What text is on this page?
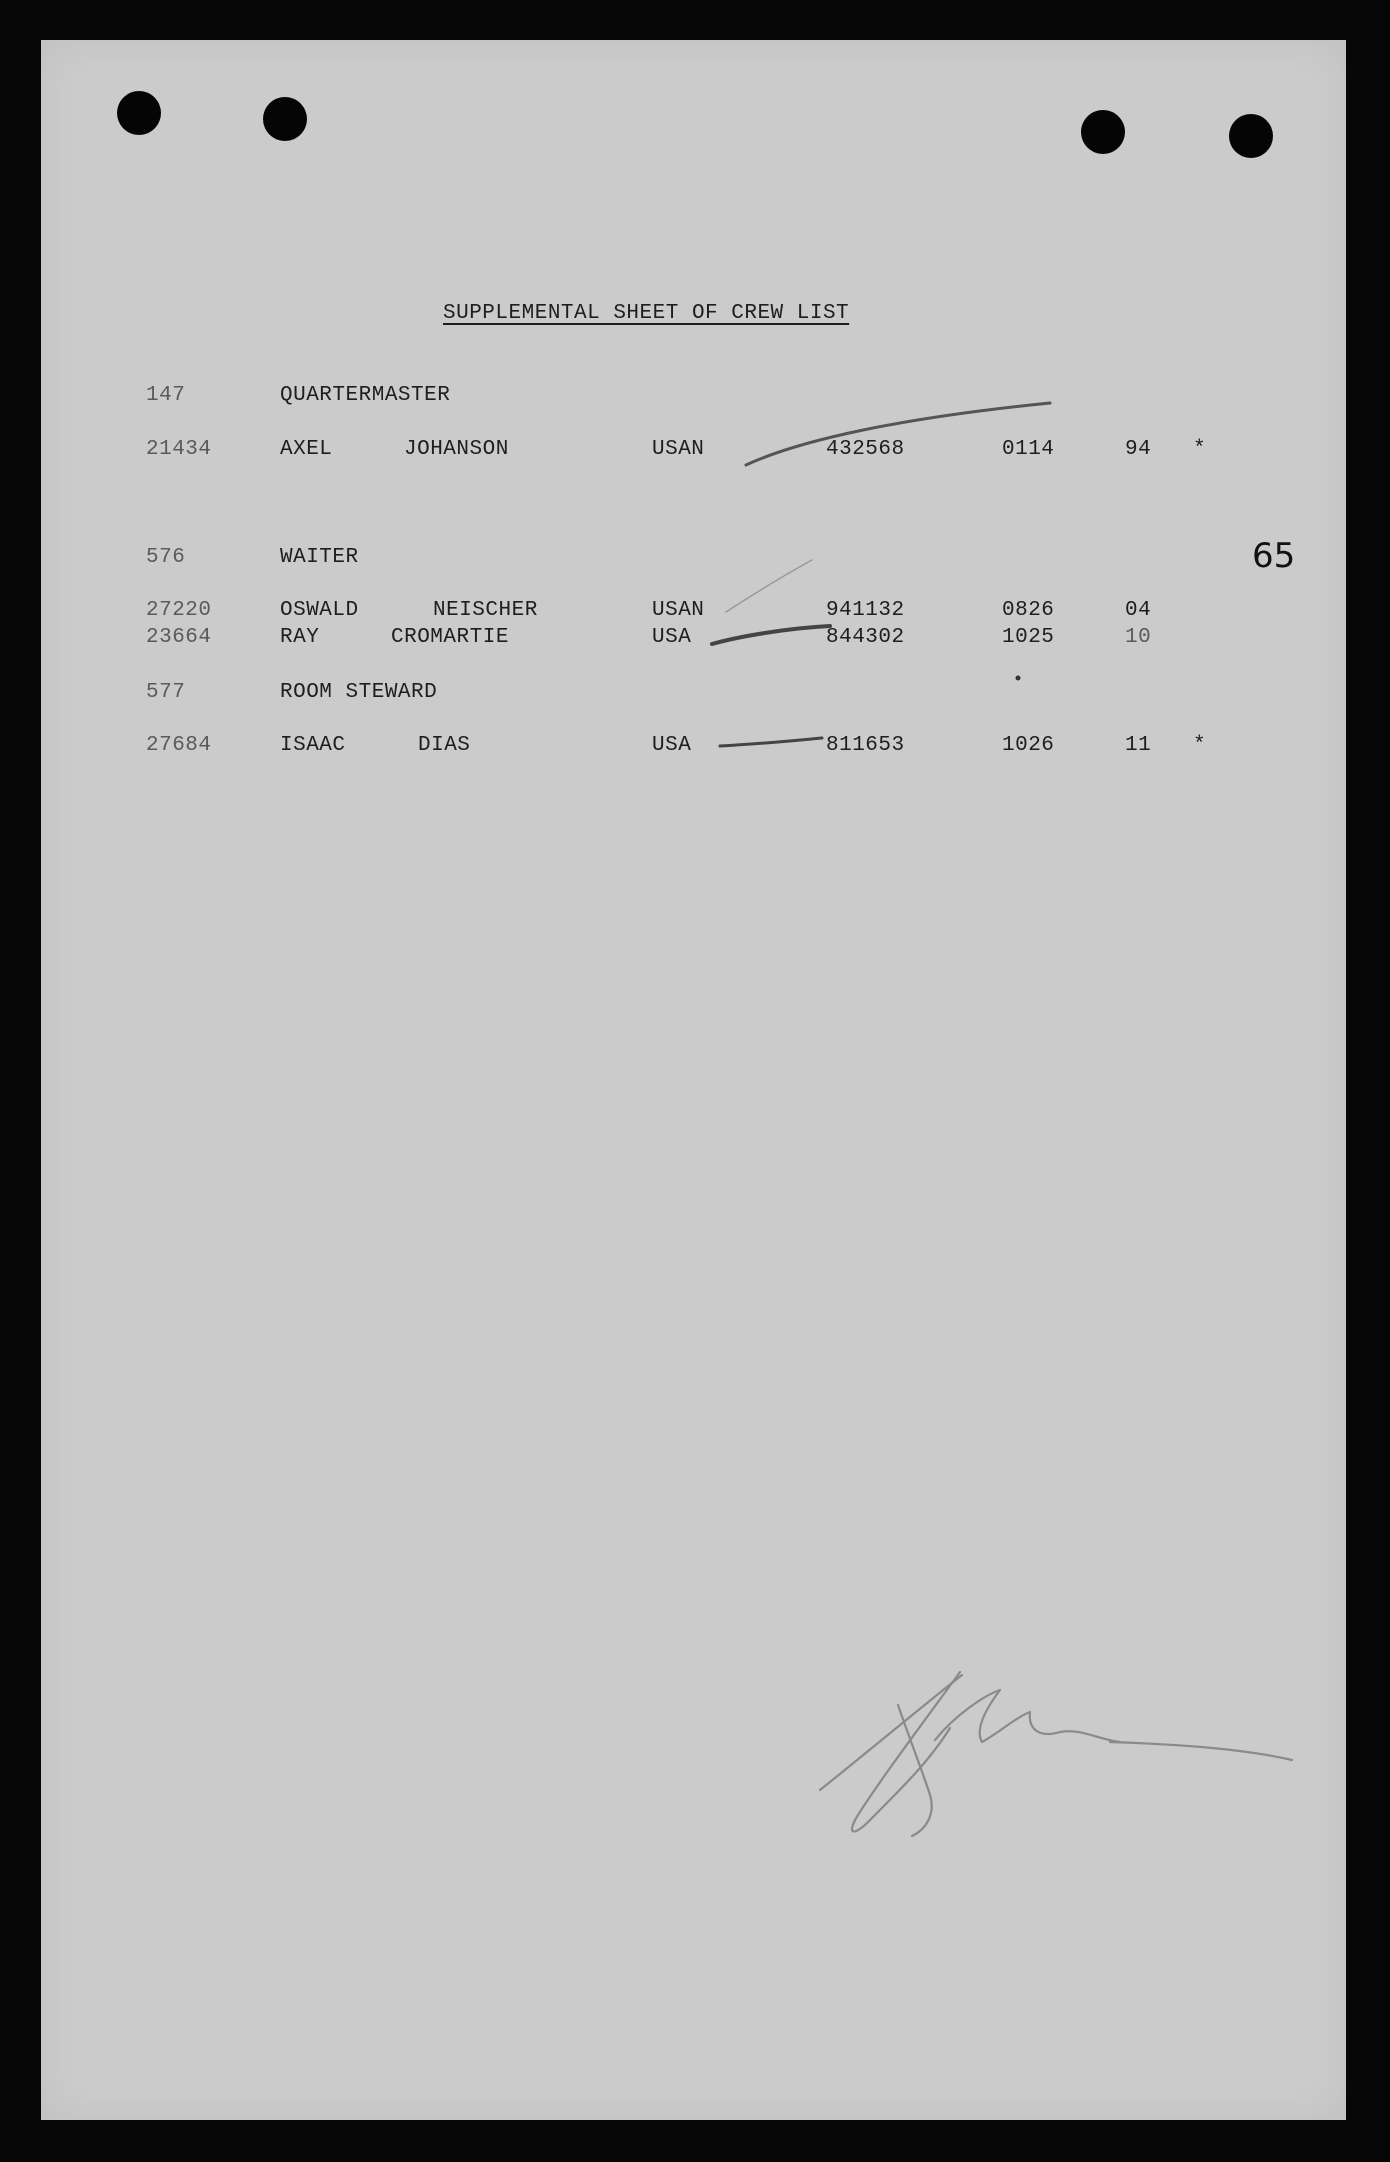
SUPPLEMENTAL SHEET OF CREW LIST
65
147	QUARTERMASTER
21434	AXEL	JOHANSON	USAN	432568	0114	94 *
576	WAITER
27220	OSWALD	NEISCHER	USAN	941132	0826	04
23664	RAY	CROMARTIE	USA	844302	1025	10
577	ROOM STEWARD
27684	ISAAC	DIAS	USA	811653	1026	11 *
